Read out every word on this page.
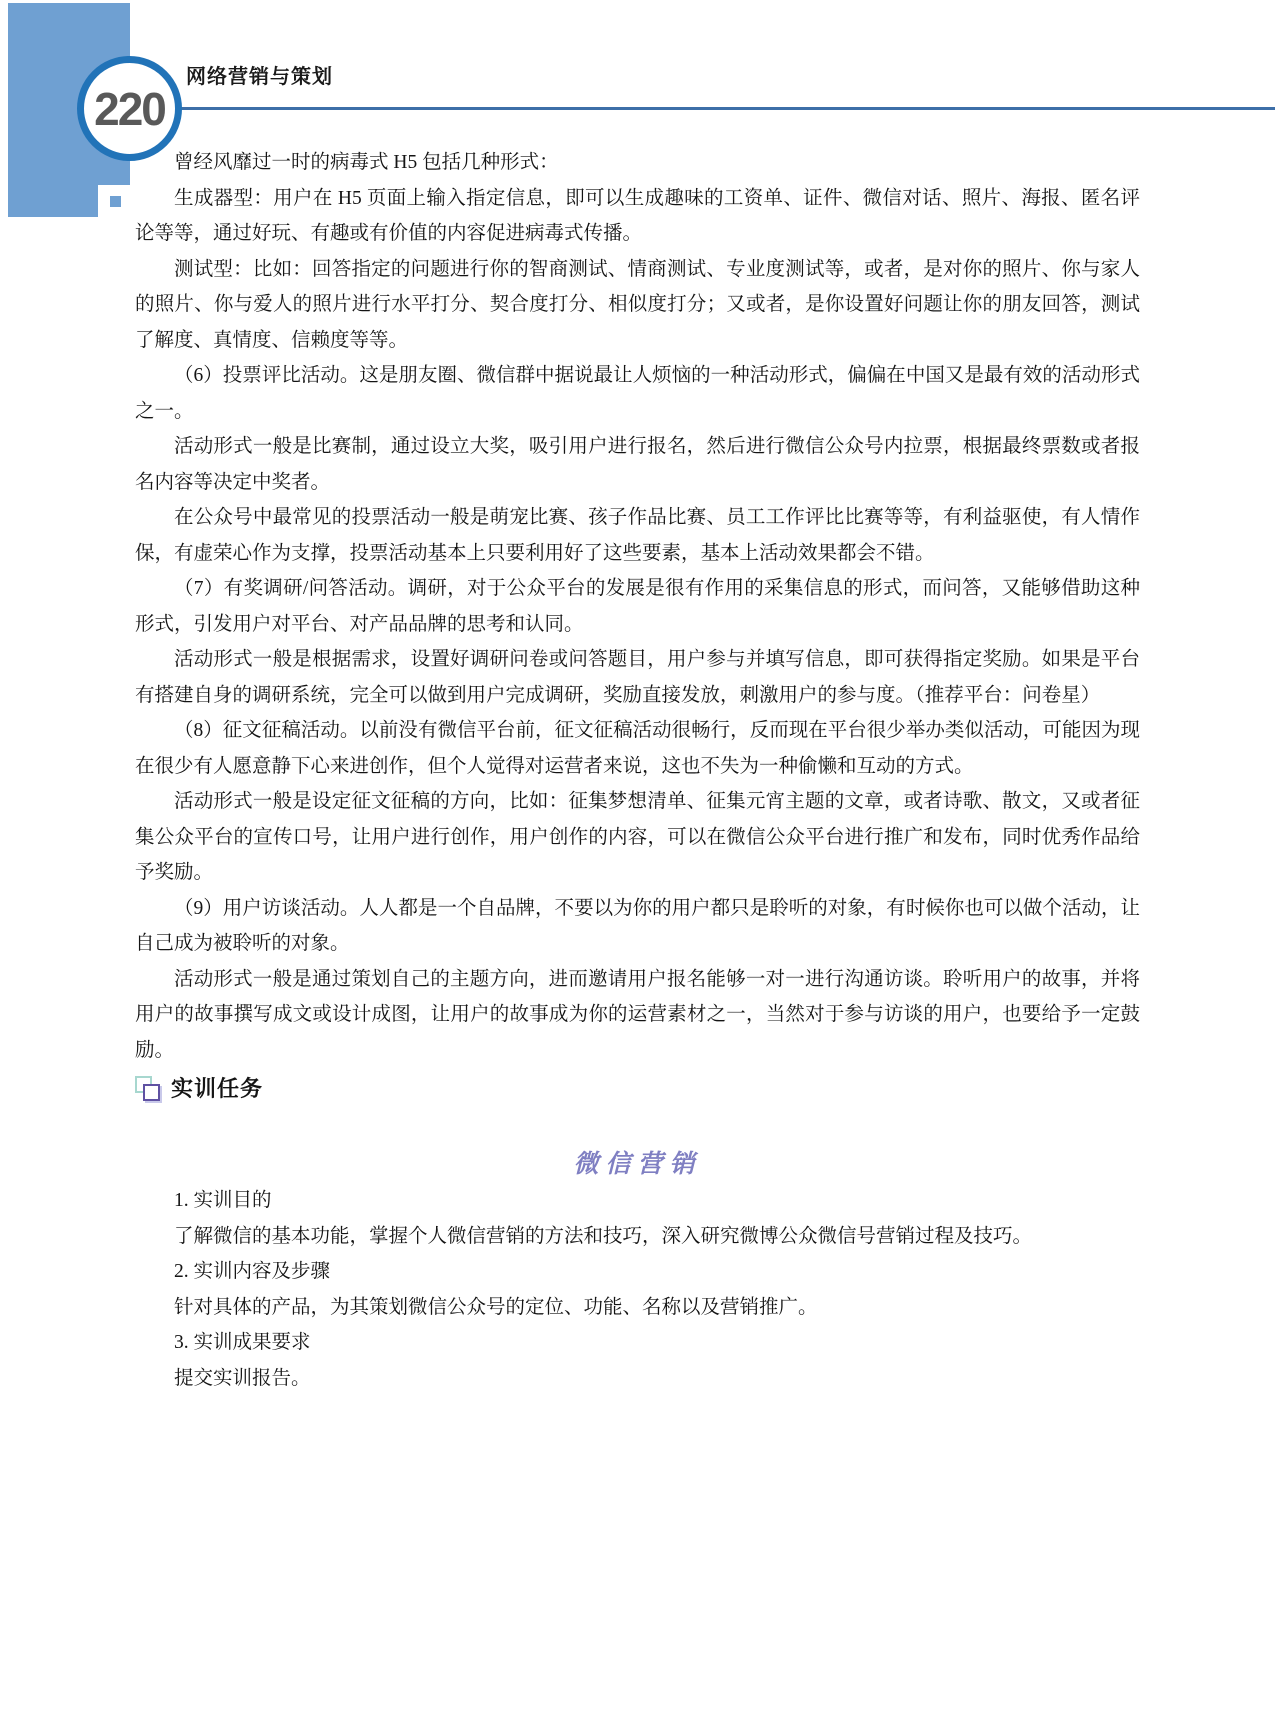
220
网络营销与策划

曾经风靡过一时的病毒式 H5 包括几种形式：

生成器型：用户在 H5 页面上输入指定信息，即可以生成趣味的工资单、证件、微信对话、照片、海报、匿名评论等等，通过好玩、有趣或有价值的内容促进病毒式传播。

测试型：比如：回答指定的问题进行你的智商测试、情商测试、专业度测试等，或者，是对你的照片、你与家人的照片、你与爱人的照片进行水平打分、契合度打分、相似度打分；又或者，是你设置好问题让你的朋友回答，测试了解度、真情度、信赖度等等。

（6）投票评比活动。这是朋友圈、微信群中据说最让人烦恼的一种活动形式，偏偏在中国又是最有效的活动形式之一。

活动形式一般是比赛制，通过设立大奖，吸引用户进行报名，然后进行微信公众号内拉票，根据最终票数或者报名内容等决定中奖者。

在公众号中最常见的投票活动一般是萌宠比赛、孩子作品比赛、员工工作评比比赛等等，有利益驱使，有人情作保，有虚荣心作为支撑，投票活动基本上只要利用好了这些要素，基本上活动效果都会不错。

（7）有奖调研/问答活动。调研，对于公众平台的发展是很有作用的采集信息的形式，而问答，又能够借助这种形式，引发用户对平台、对产品品牌的思考和认同。

活动形式一般是根据需求，设置好调研问卷或问答题目，用户参与并填写信息，即可获得指定奖励。如果是平台有搭建自身的调研系统，完全可以做到用户完成调研，奖励直接发放，刺激用户的参与度。（推荐平台：问卷星）

（8）征文征稿活动。以前没有微信平台前，征文征稿活动很畅行，反而现在平台很少举办类似活动，可能因为现在很少有人愿意静下心来进创作，但个人觉得对运营者来说，这也不失为一种偷懒和互动的方式。

活动形式一般是设定征文征稿的方向，比如：征集梦想清单、征集元宵主题的文章，或者诗歌、散文，又或者征集公众平台的宣传口号，让用户进行创作，用户创作的内容，可以在微信公众平台进行推广和发布，同时优秀作品给予奖励。

（9）用户访谈活动。人人都是一个自品牌，不要以为你的用户都只是聆听的对象，有时候你也可以做个活动，让自己成为被聆听的对象。

活动形式一般是通过策划自己的主题方向，进而邀请用户报名能够一对一进行沟通访谈。聆听用户的故事，并将用户的故事撰写成文或设计成图，让用户的故事成为你的运营素材之一，当然对于参与访谈的用户，也要给予一定鼓励。

实训任务
微信营销

1. 实训目的

了解微信的基本功能，掌握个人微信营销的方法和技巧，深入研究微博公众微信号营销过程及技巧。

2. 实训内容及步骤

针对具体的产品，为其策划微信公众号的定位、功能、名称以及营销推广。

3. 实训成果要求

提交实训报告。
